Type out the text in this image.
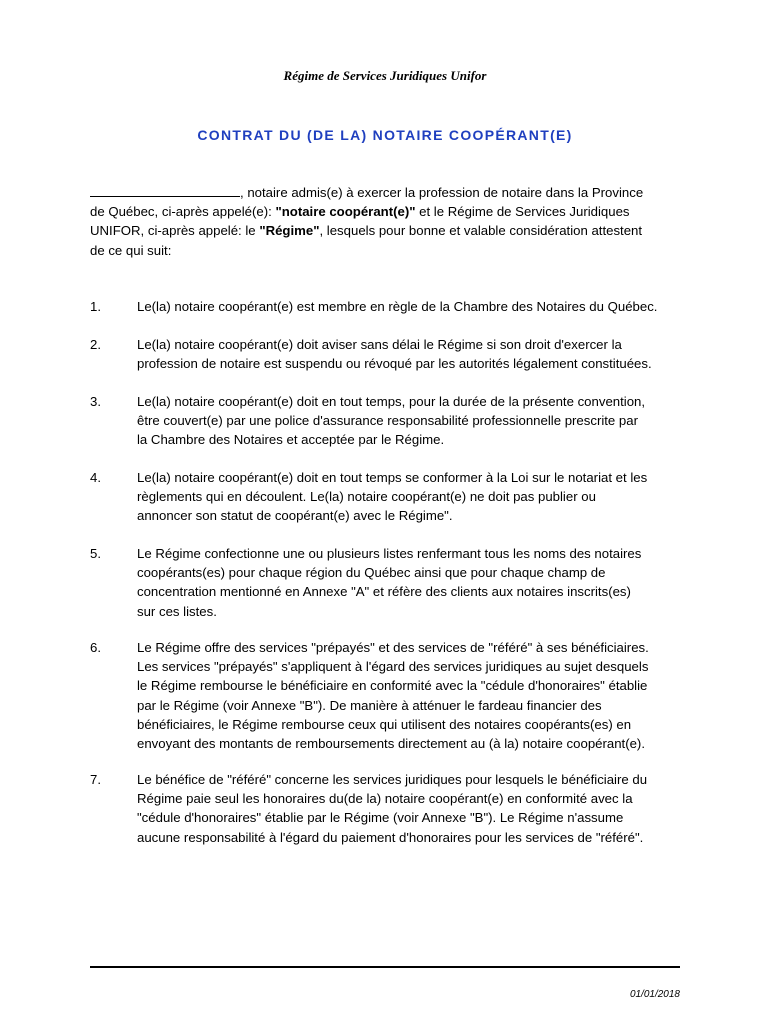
Régime de Services Juridiques Unifor
CONTRAT DU (DE LA) NOTAIRE COOPÉRANT(E)
, notaire admis(e) à exercer la profession de notaire dans la Province
de Québec, ci-après appelé(e): "notaire coopérant(e)" et le Régime de Services Juridiques
UNIFOR, ci-après appelé: le "Régime", lesquels pour bonne et valable considération attestent
de ce qui suit:
1.	Le(la) notaire coopérant(e) est membre en règle de la Chambre des Notaires du Québec.
2.	Le(la) notaire coopérant(e) doit aviser sans délai le Régime si son droit d'exercer la
profession de notaire est suspendu ou révoqué par les autorités légalement constituées.
3.	Le(la) notaire coopérant(e) doit en tout temps, pour la durée de la présente convention,
être couvert(e) par une police d'assurance responsabilité professionnelle prescrite par
la Chambre des Notaires et acceptée par le Régime.
4.	Le(la) notaire coopérant(e) doit en tout temps se conformer à la Loi sur le notariat et les
règlements qui en découlent. Le(la) notaire coopérant(e) ne doit pas publier ou
annoncer son statut de coopérant(e) avec le Régime".
5.	Le Régime confectionne une ou plusieurs listes renfermant tous les noms des notaires
coopérants(es) pour chaque région du Québec ainsi que pour chaque champ de
concentration mentionné en Annexe "A" et réfère des clients aux notaires inscrits(es)
sur ces listes.
6.	Le Régime offre des services "prépayés" et des services de "référé" à ses bénéficiaires.
Les services "prépayés" s'appliquent à l'égard des services juridiques au sujet desquels
le Régime rembourse le bénéficiaire en conformité avec la "cédule d'honoraires" établie
par le Régime (voir Annexe "B"). De manière à atténuer le fardeau financier des
bénéficiaires, le Régime rembourse ceux qui utilisent des notaires coopérants(es) en
envoyant des montants de remboursements directement au (à la) notaire coopérant(e).
7.	Le bénéfice de "référé" concerne les services juridiques pour lesquels le bénéficiaire du
Régime paie seul les honoraires du(de la) notaire coopérant(e) en conformité avec la
"cédule d'honoraires" établie par le Régime (voir Annexe "B"). Le Régime n'assume
aucune responsabilité à l'égard du paiement d'honoraires pour les services de "référé".
01/01/2018
